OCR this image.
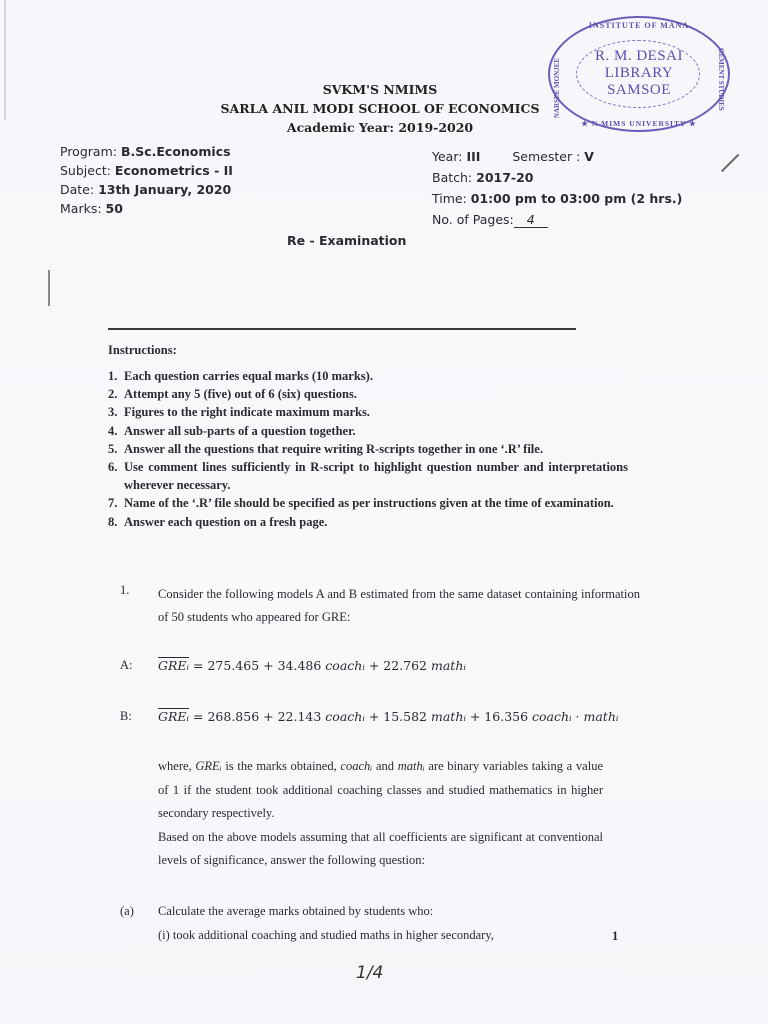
SVKM'S NMIMS
SARLA ANIL MODI SCHOOL OF ECONOMICS
Academic Year: 2019-2020
INSTITUTE OF MANA
NARSEE MONJEE	GEMENT STUDIES
R. M. DESAI
LIBRARY
SAMSOE
★ N MIMS UNIVERSITY ★
Program: B.Sc.Economics
Subject: Econometrics - II
Date: 13th January, 2020
Marks: 50
Year: III	Semester : V
Batch: 2017-20
Time: 01:00 pm to 03:00 pm (2 hrs.)
No. of Pages: 4
Re - Examination
Instructions:
1. Each question carries equal marks (10 marks).
2. Attempt any 5 (five) out of 6 (six) questions.
3. Figures to the right indicate maximum marks.
4. Answer all sub-parts of a question together.
5. Answer all the questions that require writing R-scripts together in one ‘.R’ file.
6. Use comment lines sufficiently in R-script to highlight question number and interpretations wherever necessary.
7. Name of the ‘.R’ file should be specified as per instructions given at the time of examination.
8. Answer each question on a fresh page.
1.	Consider the following models A and B estimated from the same dataset containing information of 50 students who appeared for GRE:
A: GREᵢ = 275.465 + 34.486 coachᵢ + 22.762 mathᵢ
B: GREᵢ = 268.856 + 22.143 coachᵢ + 15.582 mathᵢ + 16.356 coachᵢ · mathᵢ
where, GREᵢ is the marks obtained, coachᵢ and mathᵢ are binary variables taking a value of 1 if the student took additional coaching classes and studied mathematics in higher secondary respectively.
Based on the above models assuming that all coefficients are significant at conventional levels of significance, answer the following question:
(a)	Calculate the average marks obtained by students who:
(i) took additional coaching and studied maths in higher secondary,	1
1/4
